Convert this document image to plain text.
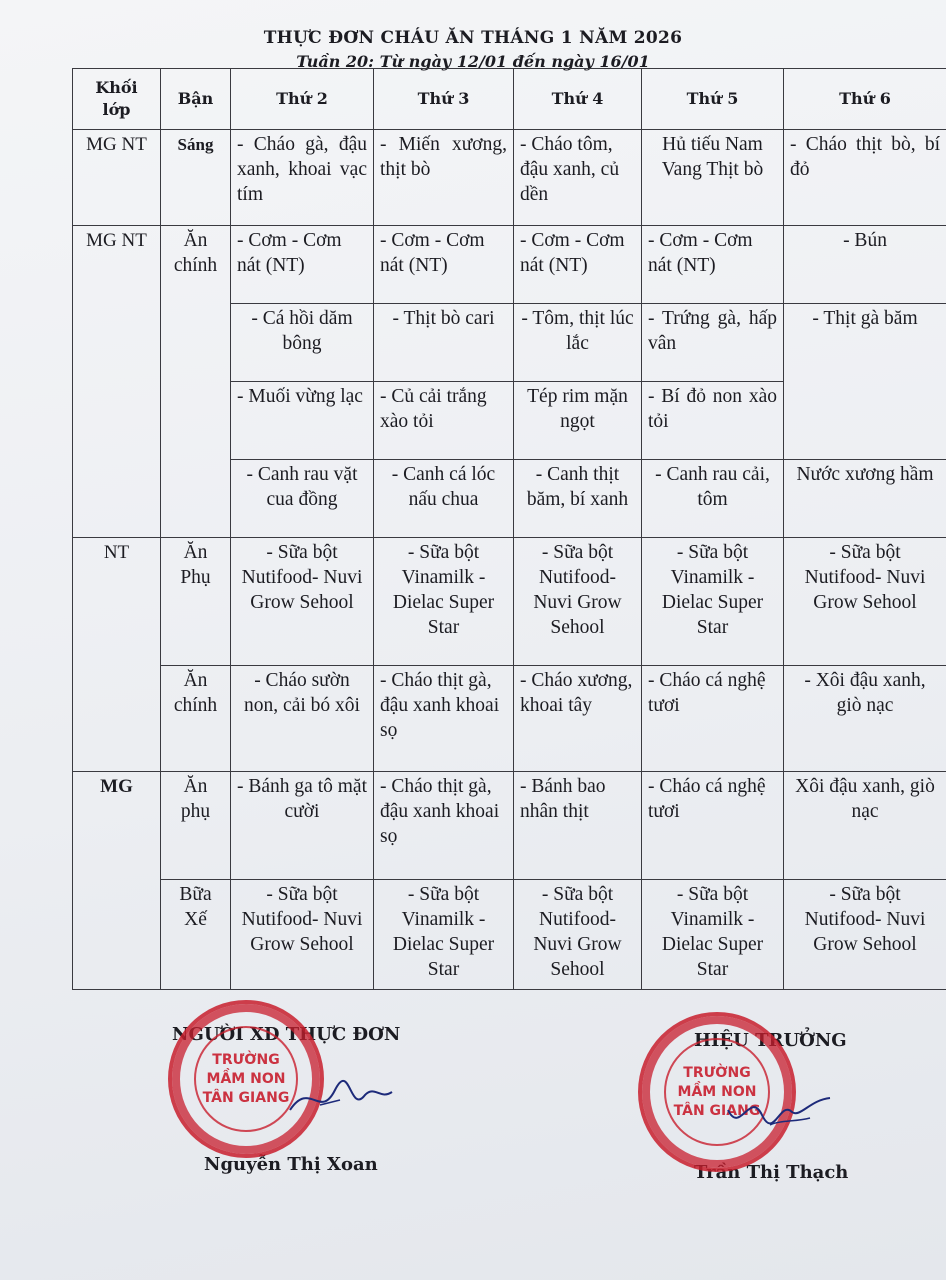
THỰC ĐƠN CHÁU ĂN THÁNG 1 NĂM 2026
Tuần 20: Từ ngày 12/01 đến ngày 16/01
Khối lớp	Bận	Thứ 2	Thứ 3	Thứ 4	Thứ 5	Thứ 6
MG NT	Sáng	- Cháo gà, đậu xanh, khoai vạc tím	- Miến xương, thịt bò	- Cháo tôm, đậu xanh, củ dền	Hủ tiếu Nam Vang Thịt bò	- Cháo thịt bò, bí đỏ
MG NT	Ăn chính	- Cơm - Cơm nát (NT)	- Cơm - Cơm nát (NT)	- Cơm - Cơm nát (NT)	- Cơm - Cơm nát (NT)	- Bún
		- Cá hồi dăm bông	- Thịt bò cari	- Tôm, thịt lúc lắc	- Trứng gà, hấp vân	- Thịt gà băm
		- Muối vừng lạc	- Củ cải trắng xào tỏi	Tép rim mặn ngọt	- Bí đỏ non xào tỏi	
		- Canh rau vặt cua đồng	- Canh cá lóc nấu chua	- Canh thịt băm, bí xanh	- Canh rau cải, tôm	Nước xương hầm
NT	Ăn Phụ	- Sữa bột Nutifood- Nuvi Grow Sehool	- Sữa bột Vinamilk - Dielac Super Star	- Sữa bột Nutifood- Nuvi Grow Sehool	- Sữa bột Vinamilk - Dielac Super Star	- Sữa bột Nutifood- Nuvi Grow Sehool
	Ăn chính	- Cháo sườn non, cải bó xôi	- Cháo thịt gà, đậu xanh khoai sọ	- Cháo xương, khoai tây	- Cháo cá nghệ tươi	- Xôi đậu xanh, giò nạc
MG	Ăn phụ	- Bánh ga tô mặt cười	- Cháo thịt gà, đậu xanh khoai sọ	- Bánh bao nhân thịt	- Cháo cá nghệ tươi	Xôi đậu xanh, giò nạc
	Bữa Xế	- Sữa bột Nutifood- Nuvi Grow Sehool	- Sữa bột Vinamilk - Dielac Super Star	- Sữa bột Nutifood- Nuvi Grow Sehool	- Sữa bột Vinamilk - Dielac Super Star	- Sữa bột Nutifood- Nuvi Grow Sehool
NGƯỜI XD THỰC ĐƠN
Nguyễn Thị Xoan
HIỆU TRƯỞNG
Trần Thị Thạch
TRƯỜNG
MẦM NON
TÂN GIANG
TRƯỜNG
MẦM NON
TÂN GIANG
